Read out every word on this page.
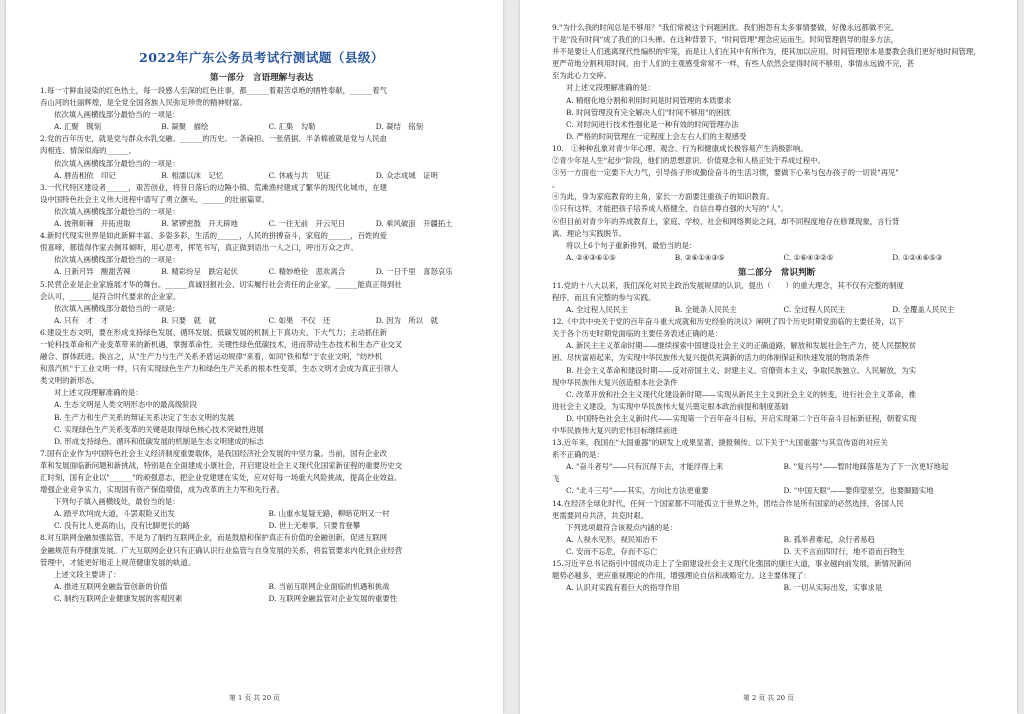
2022年广东公务员考试行测试题（县级）
第一部分　言语理解与表达

1.每一寸鲜血浸染的红色热土，每一段感人至深的红色往事，都______着艰苦卓绝的牺牲奉献，______着气

吞山河的壮丽辉煌，是全党全国各族人民弥足珍贵的精神财富。

依次填入画横线部分最恰当的一项是：

A. 汇聚　镌刻	B. 凝聚　描绘	C. 汇集　勾勒	D. 凝结　铭刻

2.党的百年历史，就是党与群众水乳交融、______的历史。一条扁担、一张借据、半条棉被就是党与人民血

肉相连、情深似海的______。

依次填入画横线部分最恰当的一项是：

A. 唇齿相依　印记	B. 相濡以沫　记忆	C. 休戚与共　见证	D. 众志成城　证明

3.一代代特区建设者______，艰苦创业，将昔日落后的边陲小镇、荒滩渔村建成了繁华的现代化城市，在建

设中国特色社会主义伟大进程中谱写了勇立潮头、______的壮丽篇章。

依次填入画横线部分最恰当的一项是：

A. 披荆斩棘　开拓进取	B. 紧锣密鼓　开天辟地	C. 一往无前　开云见日	D. 乘风破浪　开疆拓土

4.新时代现实世界是如此新鲜丰富、多姿多彩，生活的______，人民的拼搏奋斗，家庭的______，百姓的爱

恨喜啼，都值得作家去侧耳倾听，用心思考，挥笔书写，真正做到语出一人之口，呼出万众之声。

依次填入画横线部分最恰当的一项是：

A. 日新月异　酸甜苦辣	B. 精彩纷呈　跌宕起伏	C. 精妙绝伦　悲欢离合	D. 一日千里　喜怒哀乐

5.民营企业是企业家施展才华的舞台。______真诚回报社会、切实履行社会责任的企业家，______能真正得到社

会认可，______是符合时代要求的企业家。

依次填入画横线部分最恰当的一项是：

A. 只有　才　才	B. 只要　就　就	C. 如果　不仅　还	D. 因为　所以　就

6.建设生态文明，要在形成支持绿色发展、循环发展、低碳发展的机制上下真功夫、下大气力；主动抓住新

一轮科技革命和产业变革带来的新机遇，掌握革命性、关键性绿色低碳技术，进而带动生态技术和生态产业交叉

融合、群体跃进。换言之，从"生产力与生产关系矛盾运动规律"来看，如同"铁和犁"于农业文明，"纺纱机

和蒸汽机"于工业文明一样，只有实现绿色生产力和绿色生产关系的根本性变革，生态文明才会成为真正引领人

类文明的新形态。

对上述文段理解准确的是：

A. 生态文明是人类文明形态中的最高级阶段

B. 生产力和生产关系的辩证关系决定了生态文明的发展

C. 实现绿色生产关系变革的关键是取得绿色核心技术突破性进展

D. 形成支持绿色、循环和低碳发展的机制是生态文明建成的标志

7.国有企业作为中国特色社会主义经济制度重要载体，是我国经济社会发展的中坚力量。当前，国有企业改

革和发展面临新问题和新挑战，特别是在全面建成小康社会，开启建设社会主义现代化国家新征程的重要历史交

汇时刻，国有企业以"______"的顽强意志，把企业党建建在实处，应对好每一场重大风险挑战，提高企业效益、

增强企业竞争实力，实现国有资产保值增值，成为改革的主力军和先行者。

下列句子填入画横线处，最恰当的是：

A. 踏平坎坷成大道，斗罢艰险又出发	B. 山重水复疑无路，柳暗花明又一村
C. 没有比人更高的山，没有比脚更长的路	D. 世上无难事，只要肯登攀

8.对互联网金融加强监管，不是为了制约互联网企业，而是鼓励和保护真正有价值的金融创新，促进互联网

金融规范有序健康发展。广大互联网企业只有正确认识行业监管与自身发展的关系，将监管要求内化到企业经营

管理中，才能更好地走上规范健康发展的轨道。

上述文段主要讲了：

A. 推进互联网金融监管创新的价值	B. 当前互联网企业面临的机遇和挑战
C. 制约互联网企业健康发展的客观因素	D. 互联网金融监管对企业发展的重要性
第 1 页 共 20 页

9."为什么我的时间总是不够用？"我们常被这个问题困扰。我们抱怨有太多事情要做，好像永远都做不完。

于是"没有时间"成了我们的口头禅。在这种背景下，"时间管理"理念应运而生。时间管理倡导的很多方法，

并不是要让人们逃离现代性编织的牢笼，而是让人们在其中有所作为，使其加以应用。时间管理原本是要教会我们更好地时间管理，

更严苛地分割利用时间，由于人们的主观感受常常不一样，有些人依然会觉得时间不够用，事情永远做不完，甚

至为此心力交瘁。

对上述文段理解准确的是：

A. 精细化地分割和利用时间是时间管理的本质要求

B. 时间管理没有完全解决人们"时间不够用"的困扰

C. 对时间进行技术性强化是一种有效的时间管理办法

D. 严格的时间管理在一定程度上会左右人们的主观感受

10.　①种种乱象对青少年心理、观念、行为和健康成长极容易产生消极影响。

②青少年是人生"起步"阶段，他们的思想意识、价值观念和人格正处于养成过程中。

③另一方面也一定要下大力气，引导孩子形成勤俭奋斗的生活习惯，要做下心来与包办孩子的一切说"再见"

。

④为此，身为家庭教育的主角，家长一方面要注重孩子的知识教育。

⑤只有这样，才能把孩子培养成人格健全、自信自尊自强的大写的"人"。

⑥但目前对青少年的养成教育上，家庭、学校、社会和网络舆论之间，却不同程度地存在修课现象，言行背

离、理论与实践脱节。

将以上6个句子重新排列，最恰当的是：

A. ②④③⑥①⑤	B. ②⑥①④③⑤	C. ①⑥④③②⑤	D. ①②④⑥⑤③
第二部分　常识判断

11.党的十八大以来，我们深化对民主政治发展规律的认识，提出（　　）的重大理念，其不仅有完整的制度

程序，而且有完整的参与实践。

A. 全过程人民民主	B. 全链条人民民主	C. 全过程人民民主	D. 全覆盖人民民主

12.《中共中央关于党的百年奋斗重大成就和历史经验的决议》阐明了四个历史时期党面临的主要任务，以下

关于各个历史时期党面临的主要任务表述正确的是：

A. 新民主主义革命时期——继续探索中国建设社会主义的正确道路，解放和发展社会生产力，使人民摆脱贫

困、尽快富裕起来，为实现中华民族伟大复兴提供充满新的活力的体制保证和快速发展的物质条件

B. 社会主义革命和建设时期——反对帝国主义、封建主义、官僚资本主义，争取民族独立、人民解放，为实

现中华民族伟大复兴创造根本社会条件

C. 改革开放和社会主义现代化建设新时期——实现从新民主主义到社会主义的转变，进行社会主义革命，推

进社会主义建设，为实现中华民族伟大复兴奠定根本政治前提和制度基础

D. 中国特色社会主义新时代——实现第一个百年奋斗目标，开启实现第二个百年奋斗目标新征程，朝着实现

中华民族伟大复兴的宏伟目标继续前进

13.近年来，我国在"大国重器"的研发上成果显著，捷报频传。以下关于"大国重器"与其宣传语的对应关

系不正确的是：

A. "奋斗者号"——只有沉得下去，才能浮得上来	B. "复兴号"——暂时地踩落是为了下一次更好地起

飞

C. "北斗三号"——其实，方向比方法更重要	D. "中国天眼"——要仰望星空，也要脚踏实地

14.在经济全球化时代，任何一个国家都不可能孤立于世界之外，团结合作是所有国家的必然选择，各国人民

更需要同舟共济，共克时艰。

下列选项最符合该观点内涵的是：

A. 人视水见形，视民知治不	B. 孤举者难起，众行者易趋
C. 安而不忘危，存而不忘亡	D. 天不言而四时行，地不语而百物生

15.习近平总书记指引中国成功走上了全面建设社会主义现代化强国的康庄大道，事业越向前发展，新情况新问

题势必越多，更应重视理论的作用，增强理论自信和战略定力。这主要体现了：

A. 认识对实践有着巨大的指导作用	B. 一切从实际出发，实事求是
第 2 页 共 20 页
